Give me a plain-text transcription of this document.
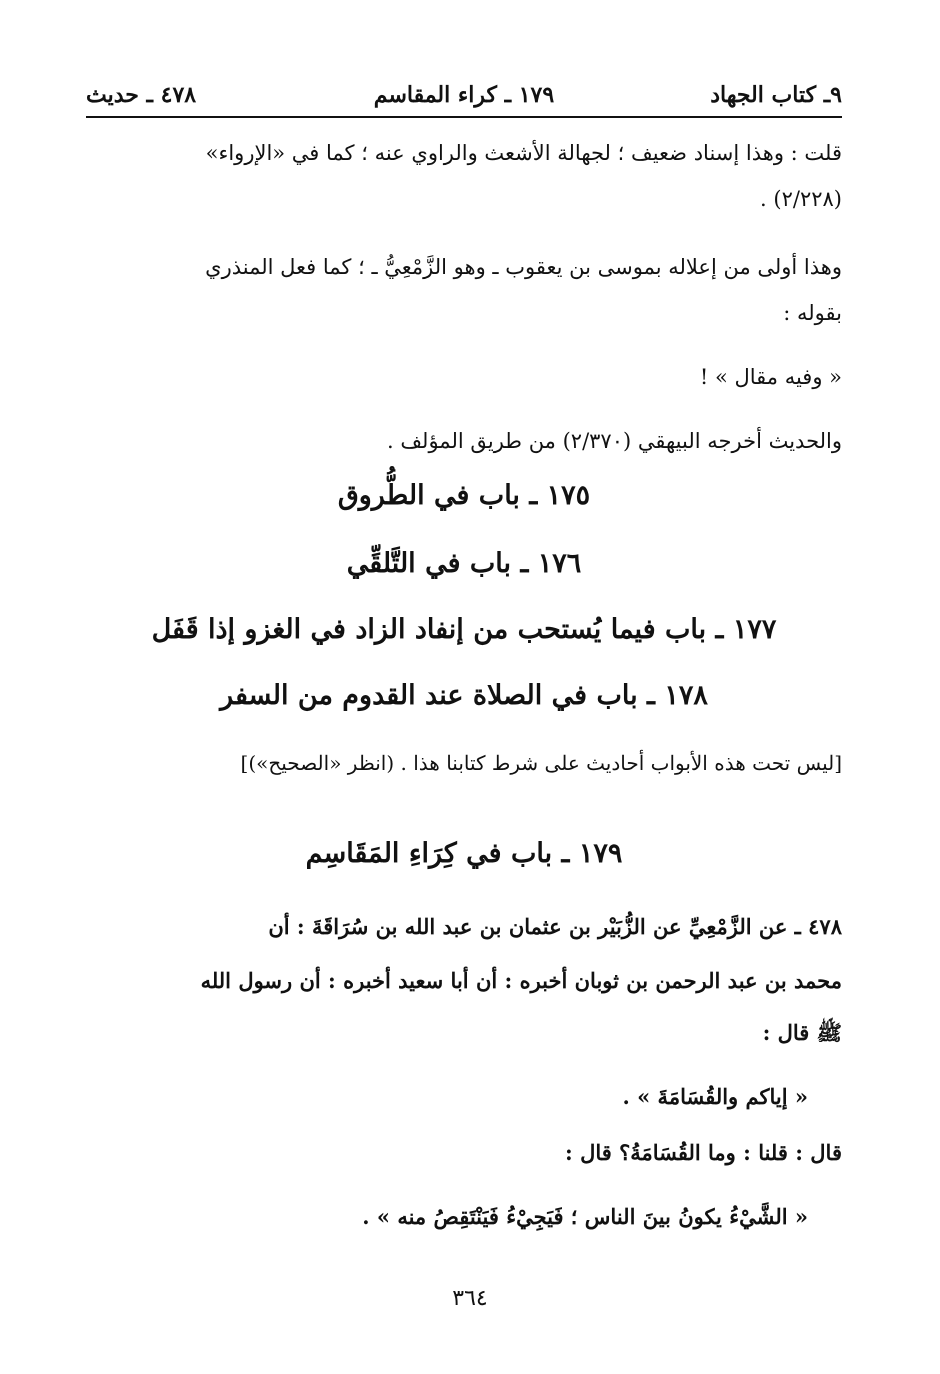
٩ـ كتاب الجهاد
١٧٩ ـ كراء المقاسم
٤٧٨ ـ حديث
قلت : وهذا إسناد ضعيف ؛ لجهالة الأشعث والراوي عنه ؛ كما في «الإرواء»
(٢/٢٢٨) .
وهذا أولى من إعلاله بموسى بن يعقوب ـ وهو الزَّمْعِيُّ ـ ؛ كما فعل المنذري
بقوله :
« وفيه مقال » !
والحديث أخرجه البيهقي (٢/٣٧٠) من طريق المؤلف .
١٧٥ ـ باب في الطُّروق
١٧٦ ـ باب في التَّلقِّي
١٧٧ ـ باب فيما يُستحب من إنفاد الزاد في الغزو إذا قَفَل
١٧٨ ـ باب في الصلاة عند القدوم من السفر
[ليس تحت هذه الأبواب أحاديث على شرط كتابنا هذا . (انظر «الصحيح»)]
١٧٩ ـ باب في كِرَاءِ المَقَاسِم
٤٧٨ ـ عن الزَّمْعِيِّ عن الزُّبَيْر بن عثمان بن عبد الله بن سُرَاقَةَ : أن
محمد بن عبد الرحمن بن ثوبان أخبره : أن أبا سعيد أخبره : أن رسول الله
ﷺ قال :
« إياكم والقُسَامَةَ » .
قال : قلنا : وما القُسَامَةُ؟ قال :
« الشَّيْءُ يكونُ بينَ الناس ؛ فَيَجِيْءُ فَيَنْتَقِصُ منه » .
٣٦٤
